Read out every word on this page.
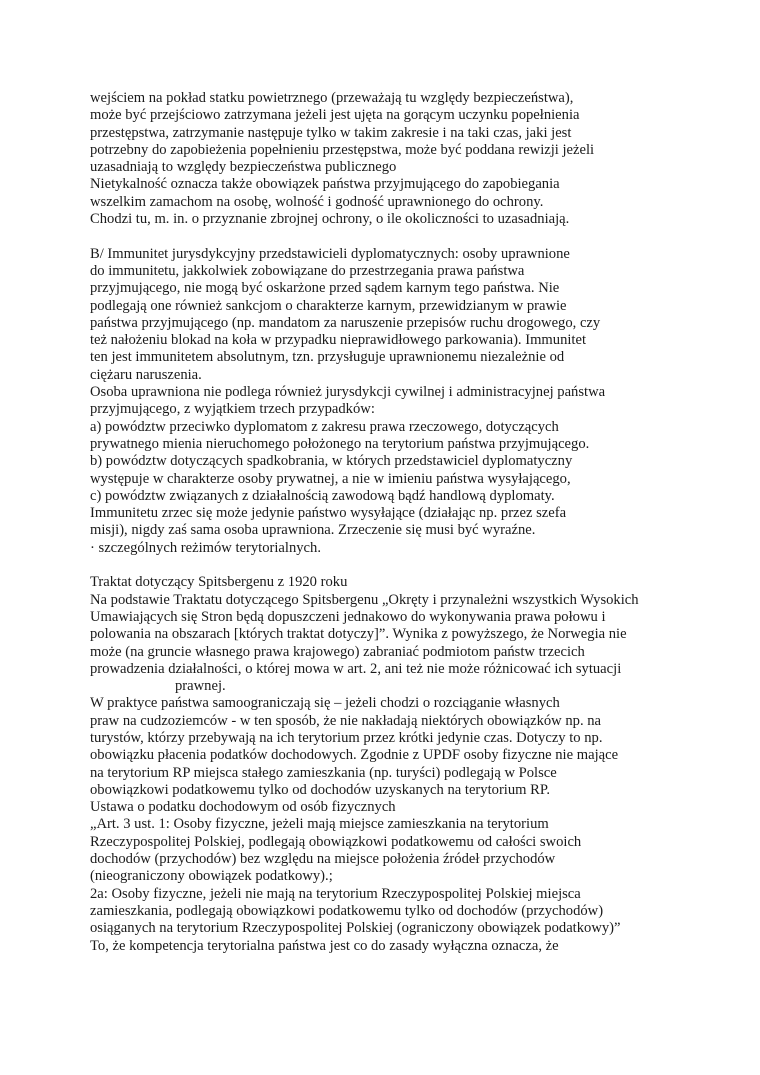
wejściem na pokład statku powietrznego (przeważają tu względy bezpieczeństwa),
może być przejściowo zatrzymana jeżeli jest ujęta na gorącym uczynku popełnienia
przestępstwa, zatrzymanie następuje tylko w takim zakresie i na taki czas, jaki jest
potrzebny do zapobieżenia popełnieniu przestępstwa, może być poddana rewizji jeżeli
uzasadniają to względy bezpieczeństwa publicznego
Nietykalność oznacza także obowiązek państwa przyjmującego do zapobiegania
wszelkim zamachom na osobę, wolność i godność uprawnionego do ochrony.
Chodzi tu, m. in. o przyznanie zbrojnej ochrony, o ile okoliczności to uzasadniają.
B/ Immunitet jurysdykcyjny przedstawicieli dyplomatycznych: osoby uprawnione
do immunitetu, jakkolwiek zobowiązane do przestrzegania prawa państwa
przyjmującego, nie mogą być oskarżone przed sądem karnym tego państwa. Nie
podlegają one również sankcjom o charakterze karnym, przewidzianym w prawie
państwa przyjmującego (np. mandatom za naruszenie przepisów ruchu drogowego, czy
też nałożeniu blokad na koła w przypadku nieprawidłowego parkowania). Immunitet
ten jest immunitetem absolutnym, tzn. przysługuje uprawnionemu niezależnie od
ciężaru naruszenia.
Osoba uprawniona nie podlega również jurysdykcji cywilnej i administracyjnej państwa
przyjmującego, z wyjątkiem trzech przypadków:
a) powództw przeciwko dyplomatom z zakresu prawa rzeczowego, dotyczących
prywatnego mienia nieruchomego położonego na terytorium państwa przyjmującego.
b) powództw dotyczących spadkobrania, w których przedstawiciel dyplomatyczny
występuje w charakterze osoby prywatnej, a nie w imieniu państwa wysyłającego,
c) powództw związanych z działalnością zawodową bądź handlową dyplomaty.
Immunitetu zrzec się może jedynie państwo wysyłające (działając np. przez szefa
misji), nigdy zaś sama osoba uprawniona. Zrzeczenie się musi być wyraźne.
· szczególnych reżimów terytorialnych.
Traktat dotyczący Spitsbergenu z 1920 roku
Na podstawie Traktatu dotyczącego Spitsbergenu „Okręty i przynależni wszystkich Wysokich
Umawiających się Stron będą dopuszczeni jednakowo do wykonywania prawa połowu i
polowania na obszarach [których traktat dotyczy]”. Wynika z powyższego, że Norwegia nie
może (na gruncie własnego prawa krajowego) zabraniać podmiotom państw trzecich
prowadzenia działalności, o której mowa w art. 2, ani też nie może różnicować ich sytuacji
prawnej.
W praktyce państwa samoograniczają się – jeżeli chodzi o rozciąganie własnych
praw na cudzoziemców - w ten sposób, że nie nakładają niektórych obowiązków np. na
turystów, którzy przebywają na ich terytorium przez krótki jedynie czas. Dotyczy to np.
obowiązku płacenia podatków dochodowych. Zgodnie z UPDF osoby fizyczne nie mające
na terytorium RP miejsca stałego zamieszkania (np. turyści) podlegają w Polsce
obowiązkowi podatkowemu tylko od dochodów uzyskanych na terytorium RP.
Ustawa o podatku dochodowym od osób fizycznych
„Art. 3 ust. 1: Osoby fizyczne, jeżeli mają miejsce zamieszkania na terytorium
Rzeczypospolitej Polskiej, podlegają obowiązkowi podatkowemu od całości swoich
dochodów (przychodów) bez względu na miejsce położenia źródeł przychodów
(nieograniczony obowiązek podatkowy).;
2a: Osoby fizyczne, jeżeli nie mają na terytorium Rzeczypospolitej Polskiej miejsca
zamieszkania, podlegają obowiązkowi podatkowemu tylko od dochodów (przychodów)
osiąganych na terytorium Rzeczypospolitej Polskiej (ograniczony obowiązek podatkowy)”
To, że kompetencja terytorialna państwa jest co do zasady wyłączna oznacza, że
